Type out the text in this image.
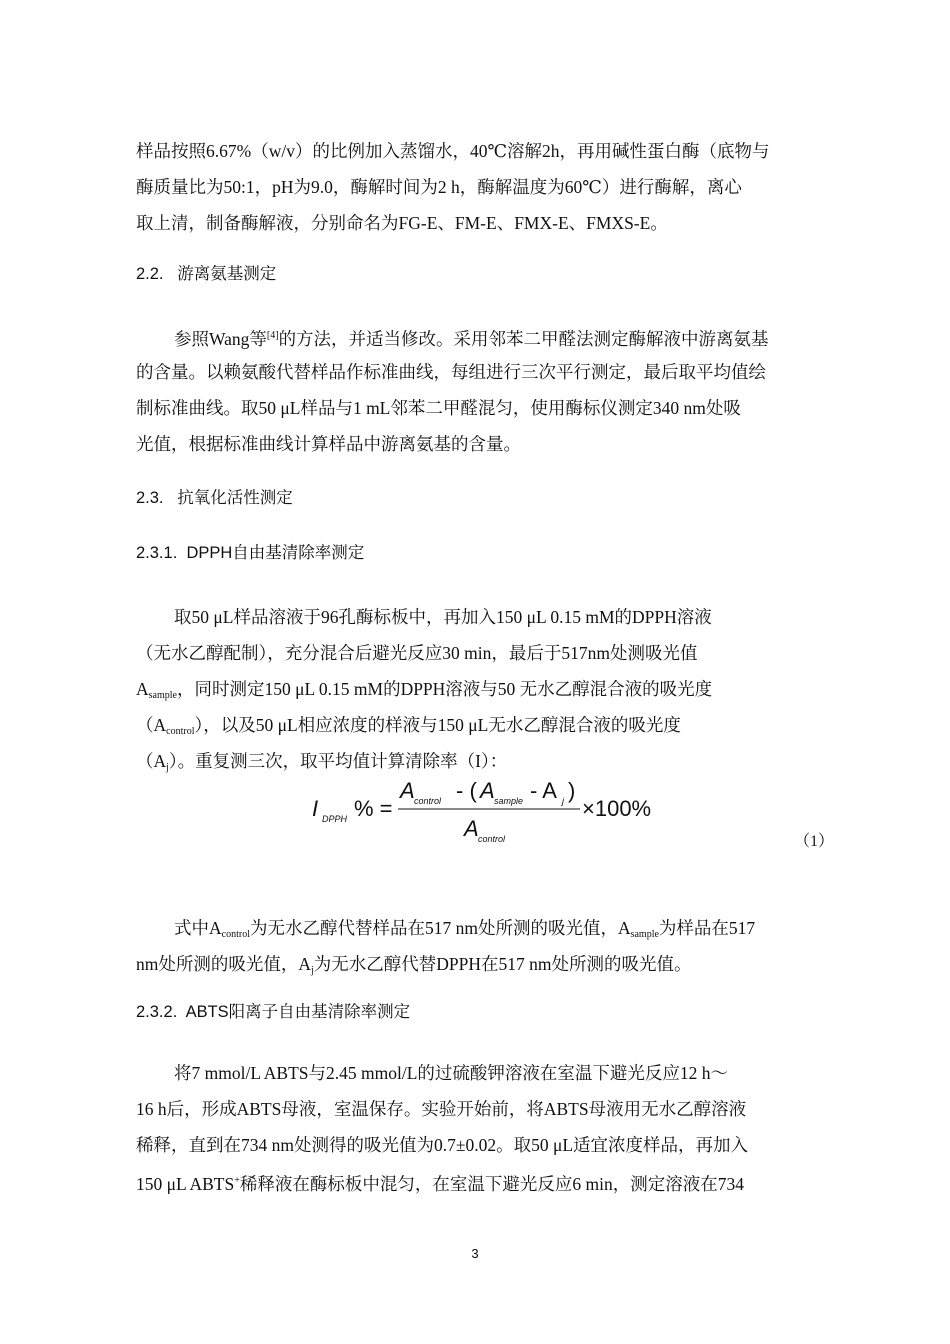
样品按照6.67%（w/v）的比例加入蒸馏水，40℃溶解2h，再用碱性蛋白酶（底物与
酶质量比为50:1，pH为9.0，酶解时间为2 h，酶解温度为60℃）进行酶解，离心
取上清，制备酶解液，分别命名为FG-E、FM-E、FMX-E、FMXS-E。
2.2. 游离氨基测定
参照Wang等[4]的方法，并适当修改。采用邻苯二甲醛法测定酶解液中游离氨基
的含量。以赖氨酸代替样品作标准曲线，每组进行三次平行测定，最后取平均值绘
制标准曲线。取50 μL样品与1 mL邻苯二甲醛混匀，使用酶标仪测定340 nm处吸
光值，根据标准曲线计算样品中游离氨基的含量。
2.3. 抗氧化活性测定
2.3.1. DPPH自由基清除率测定
取50 μL样品溶液于96孔酶标板中，再加入150 μL 0.15 mM的DPPH溶液
（无水乙醇配制），充分混合后避光反应30 min，最后于517nm处测吸光值
$A_{sample}$，同时测定150 μL 0.15 mM的DPPH溶液与50 无水乙醇混合液的吸光度
$(A_{control})$，以及50 μL相应浓度的样液与150 μL无水乙醇混合液的吸光度
$(A_j)$。重复测三次，取平均值计算清除率（I）：
I DPPH % =
A control - ( A sample - A j )
A control
×100%
（1）
式中$A_{control}$为无水乙醇代替样品在517 nm处所测的吸光值，$A_{sample}$为样品在517
nm处所测的吸光值，$A_j$为无水乙醇代替DPPH在517 nm处所测的吸光值。
2.3.2. ABTS阳离子自由基清除率测定
将7 mmol/L ABTS与2.45 mmol/L的过硫酸钾溶液在室温下避光反应12 h～
16 h后，形成ABTS母液，室温保存。实验开始前，将ABTS母液用无水乙醇溶液
稀释，直到在734 nm处测得的吸光值为0.7±0.02。取50 μL适宜浓度样品，再加入
150 μL ABTS+稀释液在酶标板中混匀，在室温下避光反应6 min，测定溶液在734
3
